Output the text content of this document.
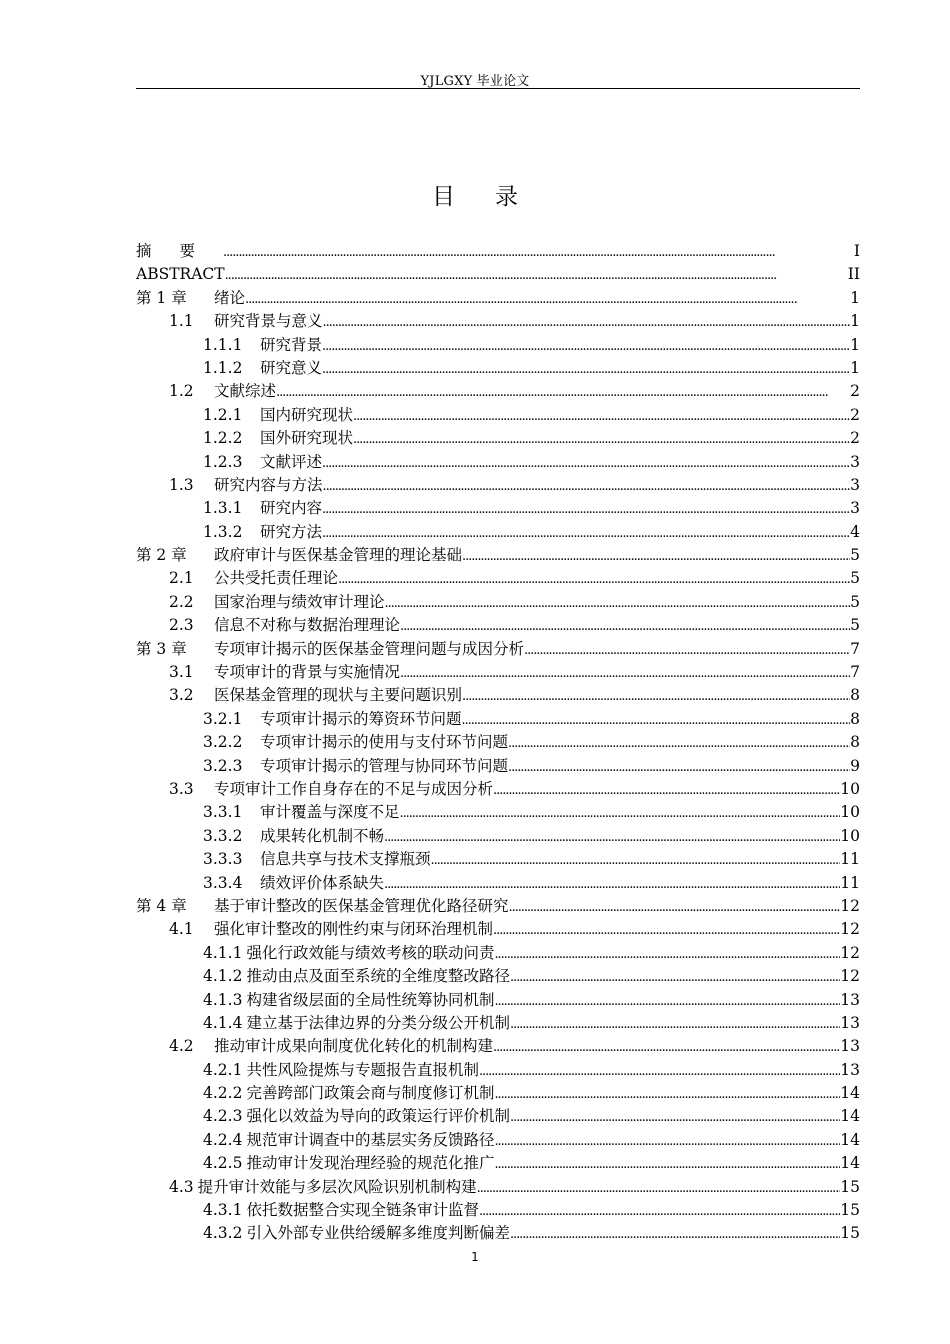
YJLGXY 毕业论文
目录
摘要 . . .	I
ABSTRACT . . .	II
第 1 章	绪论 . . .	1
1.1	研究背景与意义 . . .	1
1.1.1	研究背景 . . .	1
1.1.2	研究意义 . . .	1
1.2	文献综述 . . .	2
1.2.1	国内研究现状 . . .	2
1.2.2	国外研究现状 . . .	2
1.2.3	文献评述 . . .	3
1.3	研究内容与方法 . . .	3
1.3.1	研究内容 . . .	3
1.3.2	研究方法 . . .	4
第 2 章	政府审计与医保基金管理的理论基础 . . .	5
2.1	公共受托责任理论 . . .	5
2.2	国家治理与绩效审计理论 . . .	5
2.3	信息不对称与数据治理理论 . . .	5
第 3 章	专项审计揭示的医保基金管理问题与成因分析 . . .	7
3.1	专项审计的背景与实施情况 . . .	7
3.2	医保基金管理的现状与主要问题识别 . . .	8
3.2.1	专项审计揭示的筹资环节问题 . . .	8
3.2.2	专项审计揭示的使用与支付环节问题 . . .	8
3.2.3	专项审计揭示的管理与协同环节问题 . . .	9
3.3	专项审计工作自身存在的不足与成因分析 . . .	10
3.3.1	审计覆盖与深度不足 . . .	10
3.3.2	成果转化机制不畅 . . .	10
3.3.3	信息共享与技术支撑瓶颈 . . .	11
3.3.4	绩效评价体系缺失 . . .	11
第 4 章	基于审计整改的医保基金管理优化路径研究 . . .	12
4.1	强化审计整改的刚性约束与闭环治理机制 . . .	12
4.1.1 强化行政效能与绩效考核的联动问责 . . .	12
4.1.2 推动由点及面至系统的全维度整改路径 . . .	12
4.1.3 构建省级层面的全局性统筹协同机制 . . .	13
4.1.4 建立基于法律边界的分类分级公开机制 . . .	13
4.2	推动审计成果向制度优化转化的机制构建 . . .	13
4.2.1 共性风险提炼与专题报告直报机制 . . .	13
4.2.2 完善跨部门政策会商与制度修订机制 . . .	14
4.2.3 强化以效益为导向的政策运行评价机制 . . .	14
4.2.4 规范审计调查中的基层实务反馈路径 . . .	14
4.2.5 推动审计发现治理经验的规范化推广 . . .	14
4.3 提升审计效能与多层次风险识别机制构建 . . .	15
4.3.1 依托数据整合实现全链条审计监督 . . .	15
4.3.2 引入外部专业供给缓解多维度判断偏差 . . .	15
1
